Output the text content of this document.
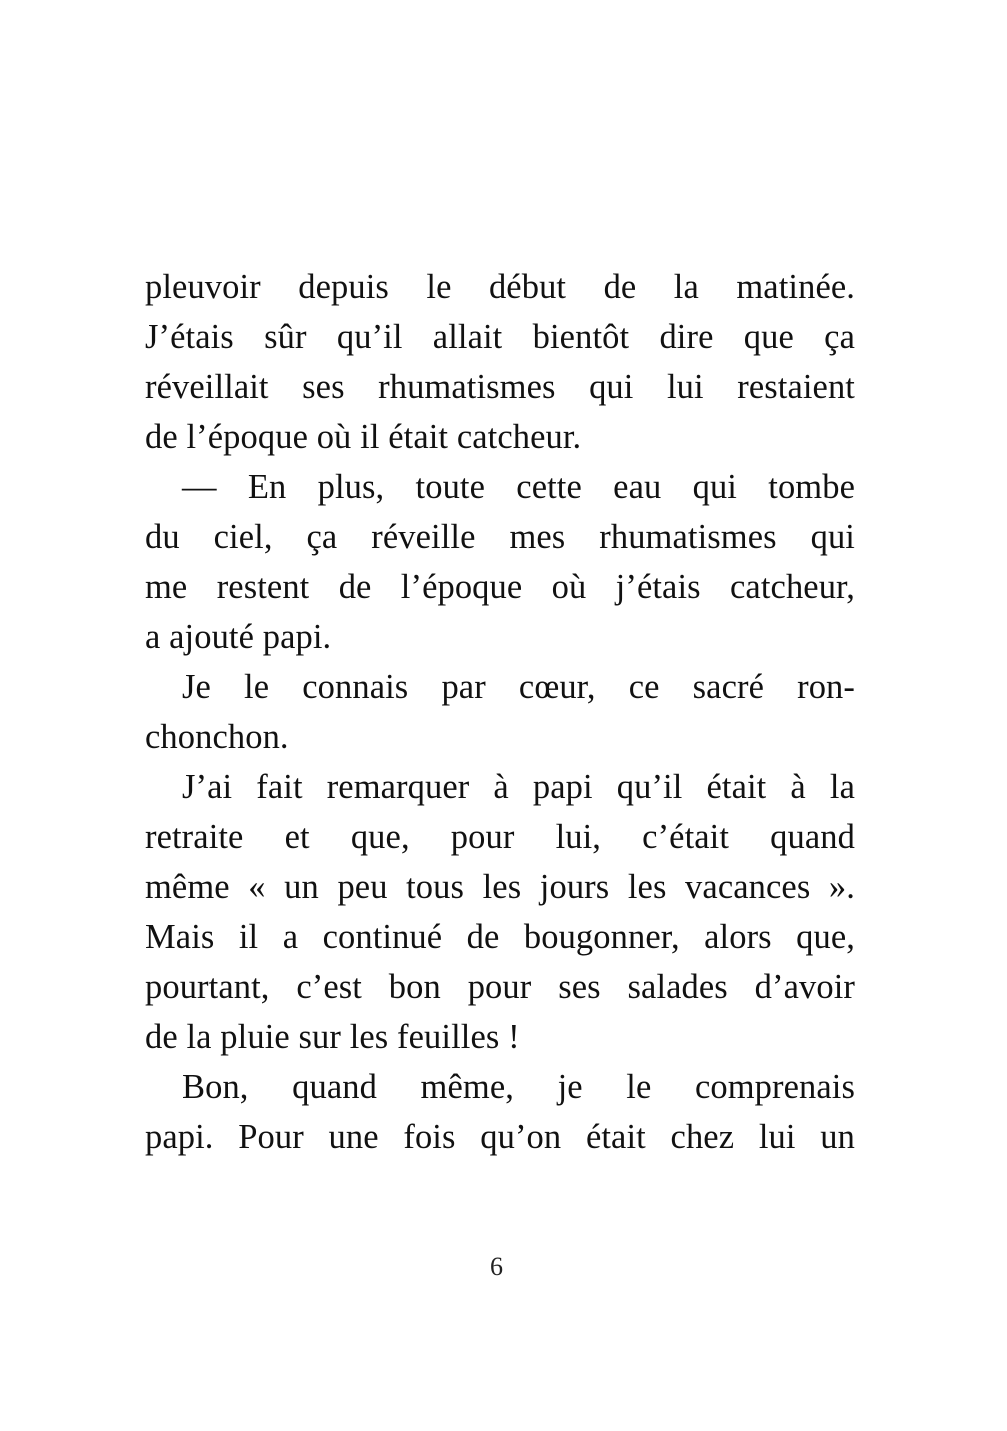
pleuvoir depuis le début de la matinée.
J’étais sûr qu’il allait bientôt dire que ça
réveillait ses rhumatismes qui lui restaient
de l’époque où il était catcheur.
— En plus, toute cette eau qui tombe
du ciel, ça réveille mes rhumatismes qui
me restent de l’époque où j’étais catcheur,
a ajouté papi.
Je le connais par cœur, ce sacré ron-
chonchon.
J’ai fait remarquer à papi qu’il était à la
retraite et que, pour lui, c’était quand
même « un peu tous les jours les vacances ».
Mais il a continué de bougonner, alors que,
pourtant, c’est bon pour ses salades d’avoir
de la pluie sur les feuilles !
Bon, quand même, je le comprenais
papi. Pour une fois qu’on était chez lui un
6
